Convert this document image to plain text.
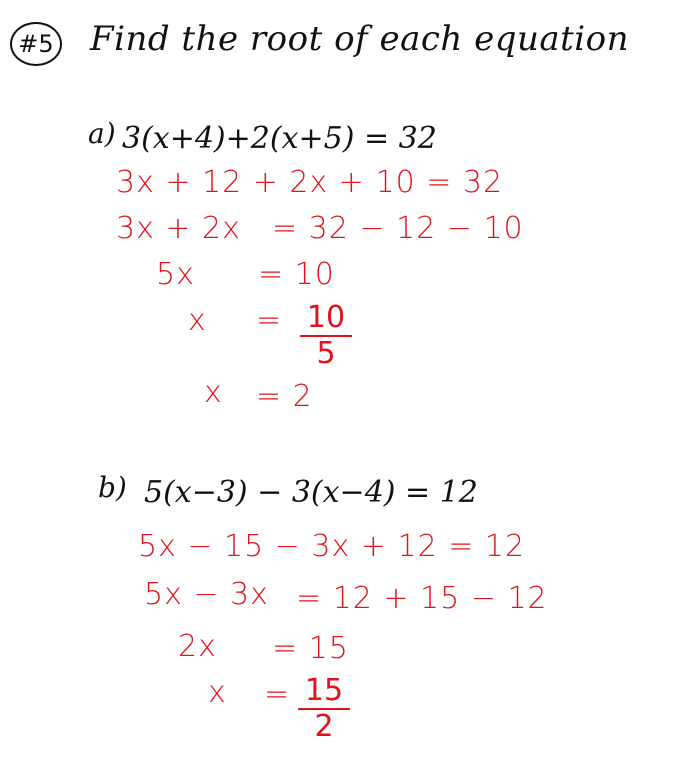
#5 Find the root of each equation
a) 3(x+4)+2(x+5) = 32
3x + 12 + 2x + 10 = 32
3x + 2x = 32 − 12 − 10
5x = 10
x = 10
5
x = 2
b) 5(x−3) − 3(x−4) = 12
5x − 15 − 3x + 12 = 12
5x − 3x = 12 + 15 − 12
2x = 15
x = 15
2
